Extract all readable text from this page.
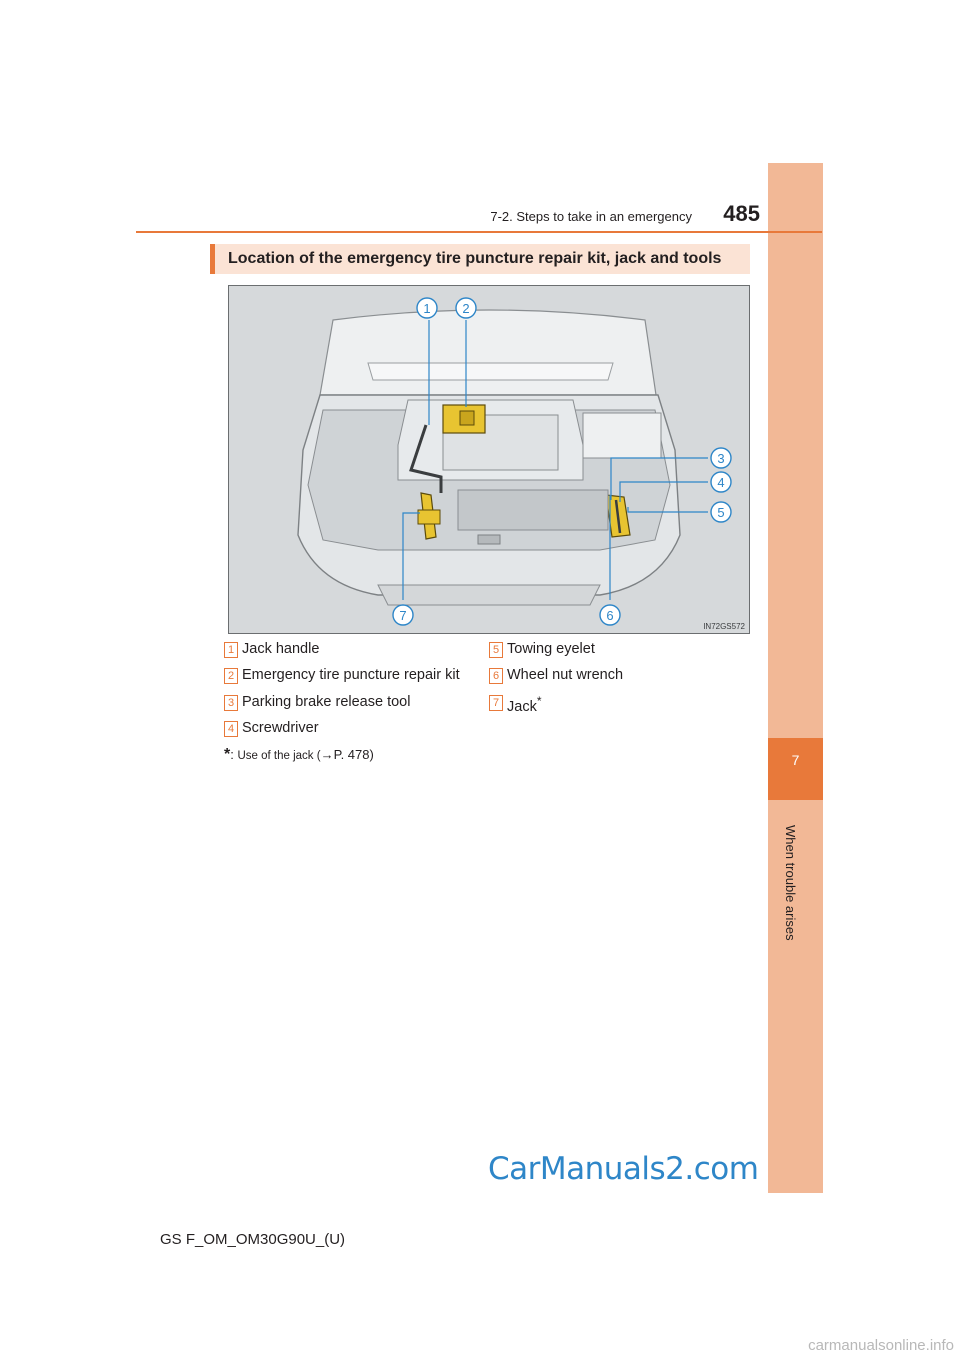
7
When trouble arises
7-2. Steps to take in an emergency	485
Location of the emergency tire puncture repair kit, jack and tools
1 2
3
4
5
6
7
IN72GS572
1 Jack handle
2 Emergency tire puncture repair kit
3 Parking brake release tool
4 Screwdriver
5 Towing eyelet
6 Wheel nut wrench
7 Jack*
*: Use of the jack (→P. 478)
CarManuals2.com
GS F_OM_OM30G90U_(U)
carmanualsonline.info
